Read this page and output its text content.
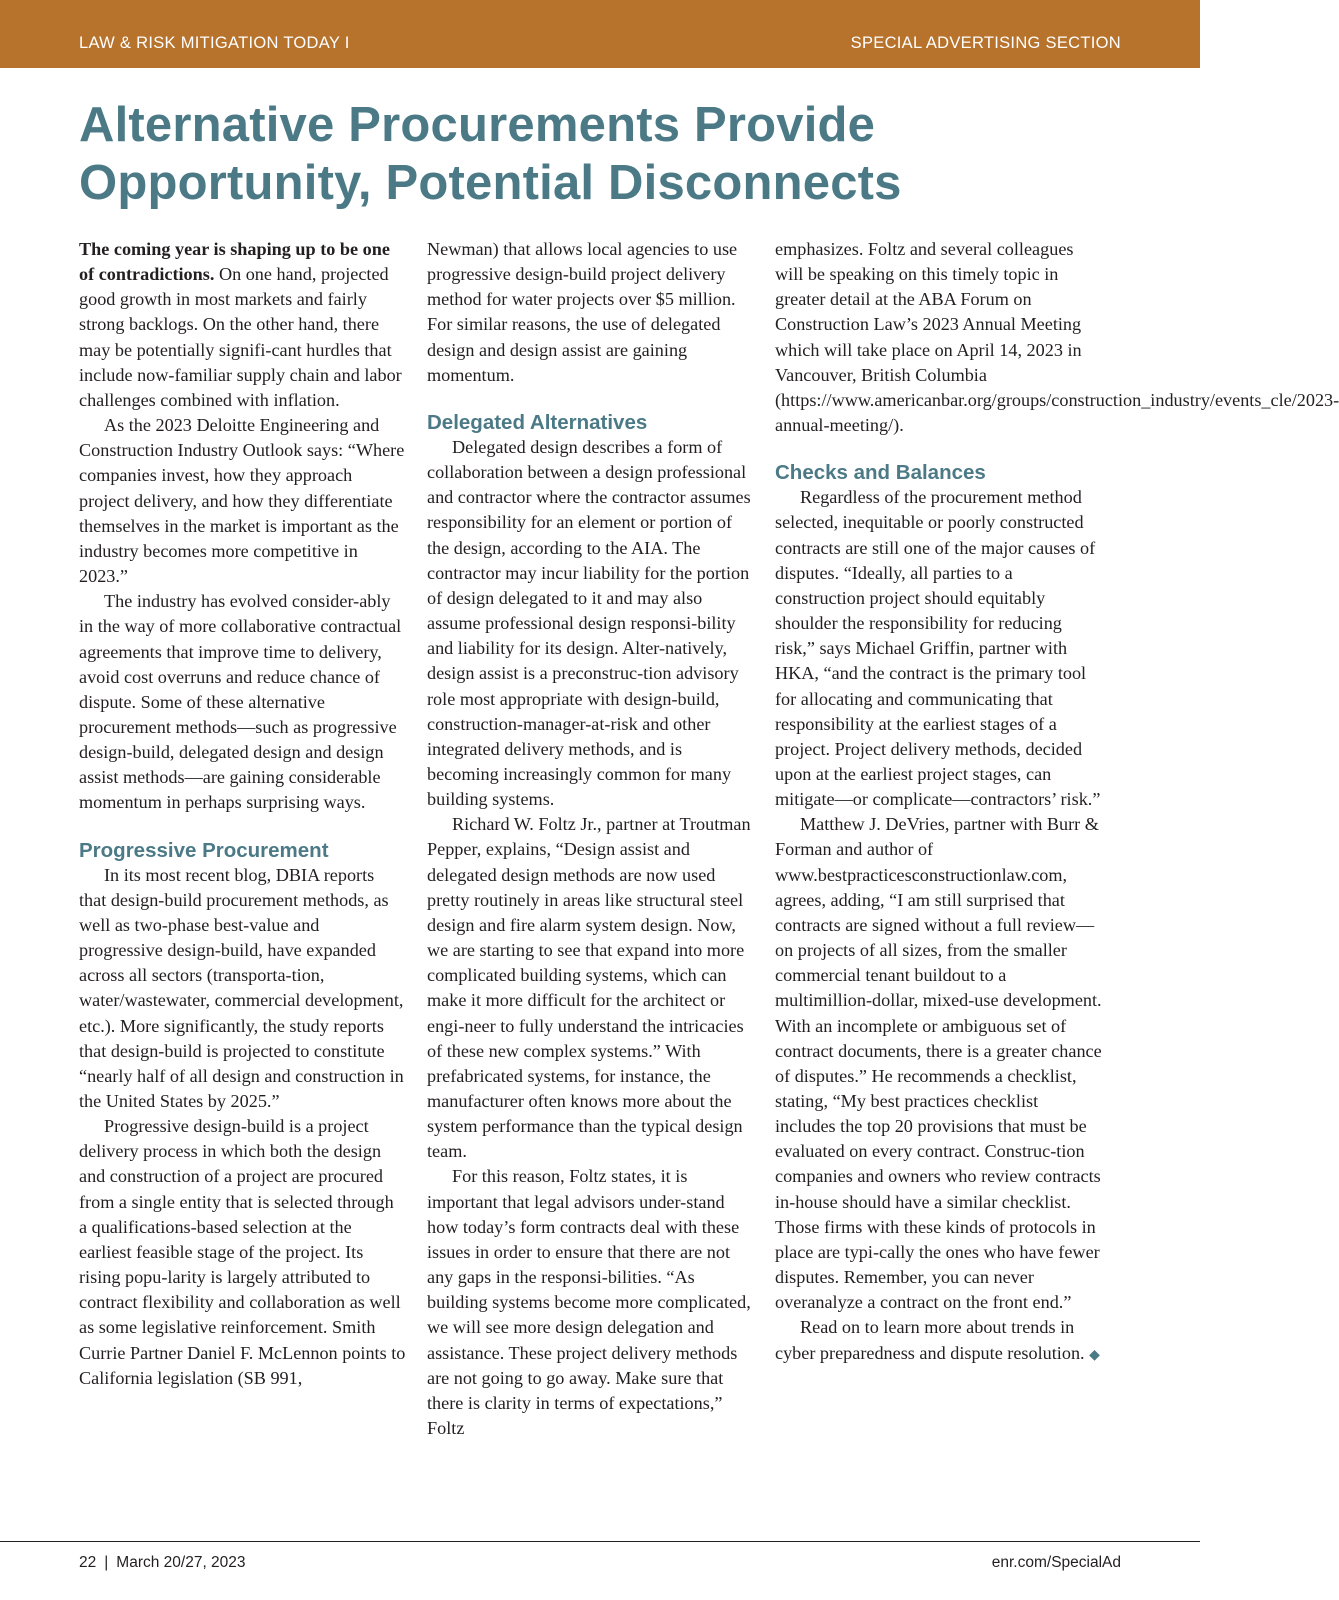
LAW & RISK MITIGATION TODAY I	SPECIAL ADVERTISING SECTION
Alternative Procurements Provide Opportunity, Potential Disconnects

The coming year is shaping up to be one of contradictions. On one hand, projected good growth in most markets and fairly strong backlogs. On the other hand, there may be potentially signifi-cant hurdles that include now-familiar supply chain and labor challenges combined with inflation.

As the 2023 Deloitte Engineering and Construction Industry Outlook says: “Where companies invest, how they approach project delivery, and how they differentiate themselves in the market is important as the industry becomes more competitive in 2023.”

The industry has evolved consider-ably in the way of more collaborative contractual agreements that improve time to delivery, avoid cost overruns and reduce chance of dispute. Some of these alternative procurement methods—such as progressive design-build, delegated design and design assist methods—are gaining considerable momentum in perhaps surprising ways.

Progressive Procurement

In its most recent blog, DBIA reports that design-build procurement methods, as well as two-phase best-value and progressive design-build, have expanded across all sectors (transporta-tion, water/wastewater, commercial development, etc.). More significantly, the study reports that design-build is projected to constitute “nearly half of all design and construction in the United States by 2025.”

Progressive design-build is a project delivery process in which both the design and construction of a project are procured from a single entity that is selected through a qualifications-based selection at the earliest feasible stage of the project. Its rising popu-larity is largely attributed to contract flexibility and collaboration as well as some legislative reinforcement. Smith Currie Partner Daniel F. McLennon points to California legislation (SB 991,

Newman) that allows local agencies to use progressive design-build project delivery method for water projects over $5 million. For similar reasons, the use of delegated design and design assist are gaining momentum.

Delegated Alternatives

Delegated design describes a form of collaboration between a design professional and contractor where the contractor assumes responsibility for an element or portion of the design, according to the AIA. The contractor may incur liability for the portion of design delegated to it and may also assume professional design responsi-bility and liability for its design. Alter-natively, design assist is a preconstruc-tion advisory role most appropriate with design-build, construction-manager-at-risk and other integrated delivery methods, and is becoming increasingly common for many building systems.

Richard W. Foltz Jr., partner at Troutman Pepper, explains, “Design assist and delegated design methods are now used pretty routinely in areas like structural steel design and fire alarm system design. Now, we are starting to see that expand into more complicated building systems, which can make it more difficult for the architect or engi-neer to fully understand the intricacies of these new complex systems.” With prefabricated systems, for instance, the manufacturer often knows more about the system performance than the typical design team.

For this reason, Foltz states, it is important that legal advisors under-stand how today’s form contracts deal with these issues in order to ensure that there are not any gaps in the responsi-bilities. “As building systems become more complicated, we will see more design delegation and assistance. These project delivery methods are not going to go away. Make sure that there is clarity in terms of expectations,” Foltz

emphasizes. Foltz and several colleagues will be speaking on this timely topic in greater detail at the ABA Forum on Construction Law’s 2023 Annual Meeting which will take place on April 14, 2023 in Vancouver, British Columbia (https://www.americanbar.org/groups/construction_industry/events_cle/2023-annual-meeting/).

Checks and Balances

Regardless of the procurement method selected, inequitable or poorly constructed contracts are still one of the major causes of disputes. “Ideally, all parties to a construction project should equitably shoulder the responsibility for reducing risk,” says Michael Griffin, partner with HKA, “and the contract is the primary tool for allocating and communicating that responsibility at the earliest stages of a project. Project delivery methods, decided upon at the earliest project stages, can mitigate—or complicate—contractors’ risk.”

Matthew J. DeVries, partner with Burr & Forman and author of www.bestpracticesconstructionlaw.com, agrees, adding, “I am still surprised that contracts are signed without a full review—on projects of all sizes, from the smaller commercial tenant buildout to a multimillion-dollar, mixed-use development. With an incomplete or ambiguous set of contract documents, there is a greater chance of disputes.” He recommends a checklist, stating, “My best practices checklist includes the top 20 provisions that must be evaluated on every contract. Construc-tion companies and owners who review contracts in-house should have a similar checklist. Those firms with these kinds of protocols in place are typi-cally the ones who have fewer disputes. Remember, you can never overanalyze a contract on the front end.”

Read on to learn more about trends in cyber preparedness and dispute resolution. ◆

22 | March 20/27, 2023	enr.com/SpecialAd
